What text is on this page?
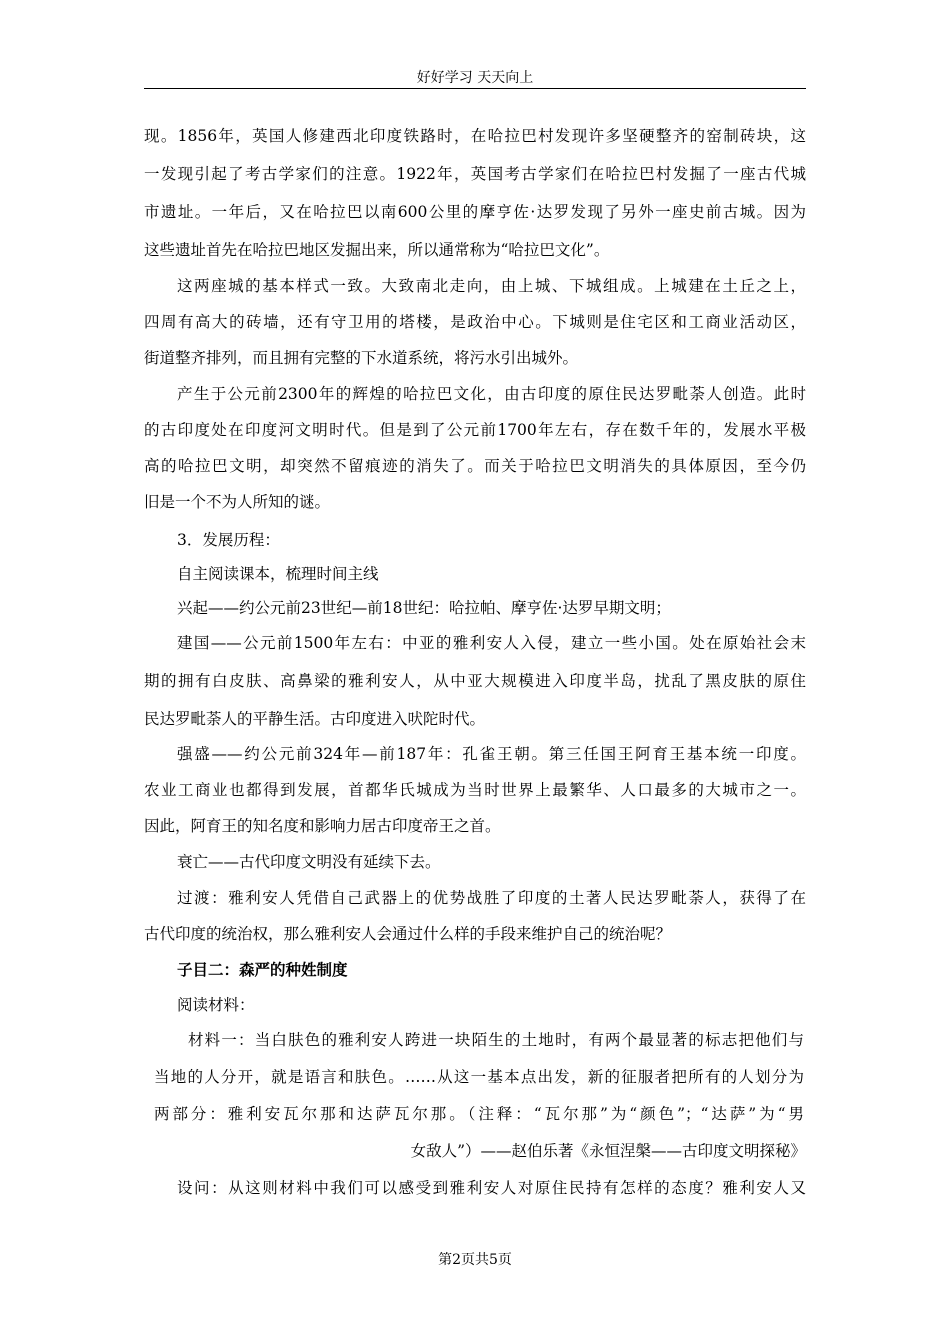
好好学习 天天向上
现。1856年，英国人修建西北印度铁路时，在哈拉巴村发现许多坚硬整齐的窑制砖块，这
一发现引起了考古学家们的注意。1922年，英国考古学家们在哈拉巴村发掘了一座古代城
市遗址。一年后，又在哈拉巴以南600公里的摩亨佐·达罗发现了另外一座史前古城。因为
这些遗址首先在哈拉巴地区发掘出来，所以通常称为“哈拉巴文化”。
这两座城的基本样式一致。大致南北走向，由上城、下城组成。上城建在土丘之上，
四周有高大的砖墙，还有守卫用的塔楼，是政治中心。下城则是住宅区和工商业活动区，
街道整齐排列，而且拥有完整的下水道系统，将污水引出城外。
产生于公元前2300年的辉煌的哈拉巴文化，由古印度的原住民达罗毗荼人创造。此时
的古印度处在印度河文明时代。但是到了公元前1700年左右，存在数千年的，发展水平极
高的哈拉巴文明，却突然不留痕迹的消失了。而关于哈拉巴文明消失的具体原因，至今仍
旧是一个不为人所知的谜。
3．发展历程：
自主阅读课本，梳理时间主线
兴起——约公元前23世纪—前18世纪：哈拉帕、摩亨佐·达罗早期文明；
建国——公元前1500年左右：中亚的雅利安人入侵，建立一些小国。处在原始社会末
期的拥有白皮肤、高鼻梁的雅利安人，从中亚大规模进入印度半岛，扰乱了黑皮肤的原住
民达罗毗荼人的平静生活。古印度进入吠陀时代。
强盛——约公元前324年—前187年：孔雀王朝。第三任国王阿育王基本统一印度。
农业工商业也都得到发展，首都华氏城成为当时世界上最繁华、人口最多的大城市之一。
因此，阿育王的知名度和影响力居古印度帝王之首。
衰亡——古代印度文明没有延续下去。
过渡：雅利安人凭借自己武器上的优势战胜了印度的土著人民达罗毗荼人，获得了在
古代印度的统治权，那么雅利安人会通过什么样的手段来维护自己的统治呢？
子目二：森严的种姓制度
阅读材料：
材料一：当白肤色的雅利安人跨进一块陌生的土地时，有两个最显著的标志把他们与
当地的人分开，就是语言和肤色。……从这一基本点出发，新的征服者把所有的人划分为
两部分：雅利安瓦尔那和达萨瓦尔那。（注释：“瓦尔那”为“颜色”；“达萨”为“男
女敌人”）——赵伯乐著《永恒涅槃——古印度文明探秘》
设问：从这则材料中我们可以感受到雅利安人对原住民持有怎样的态度？雅利安人又
第2页共5页
